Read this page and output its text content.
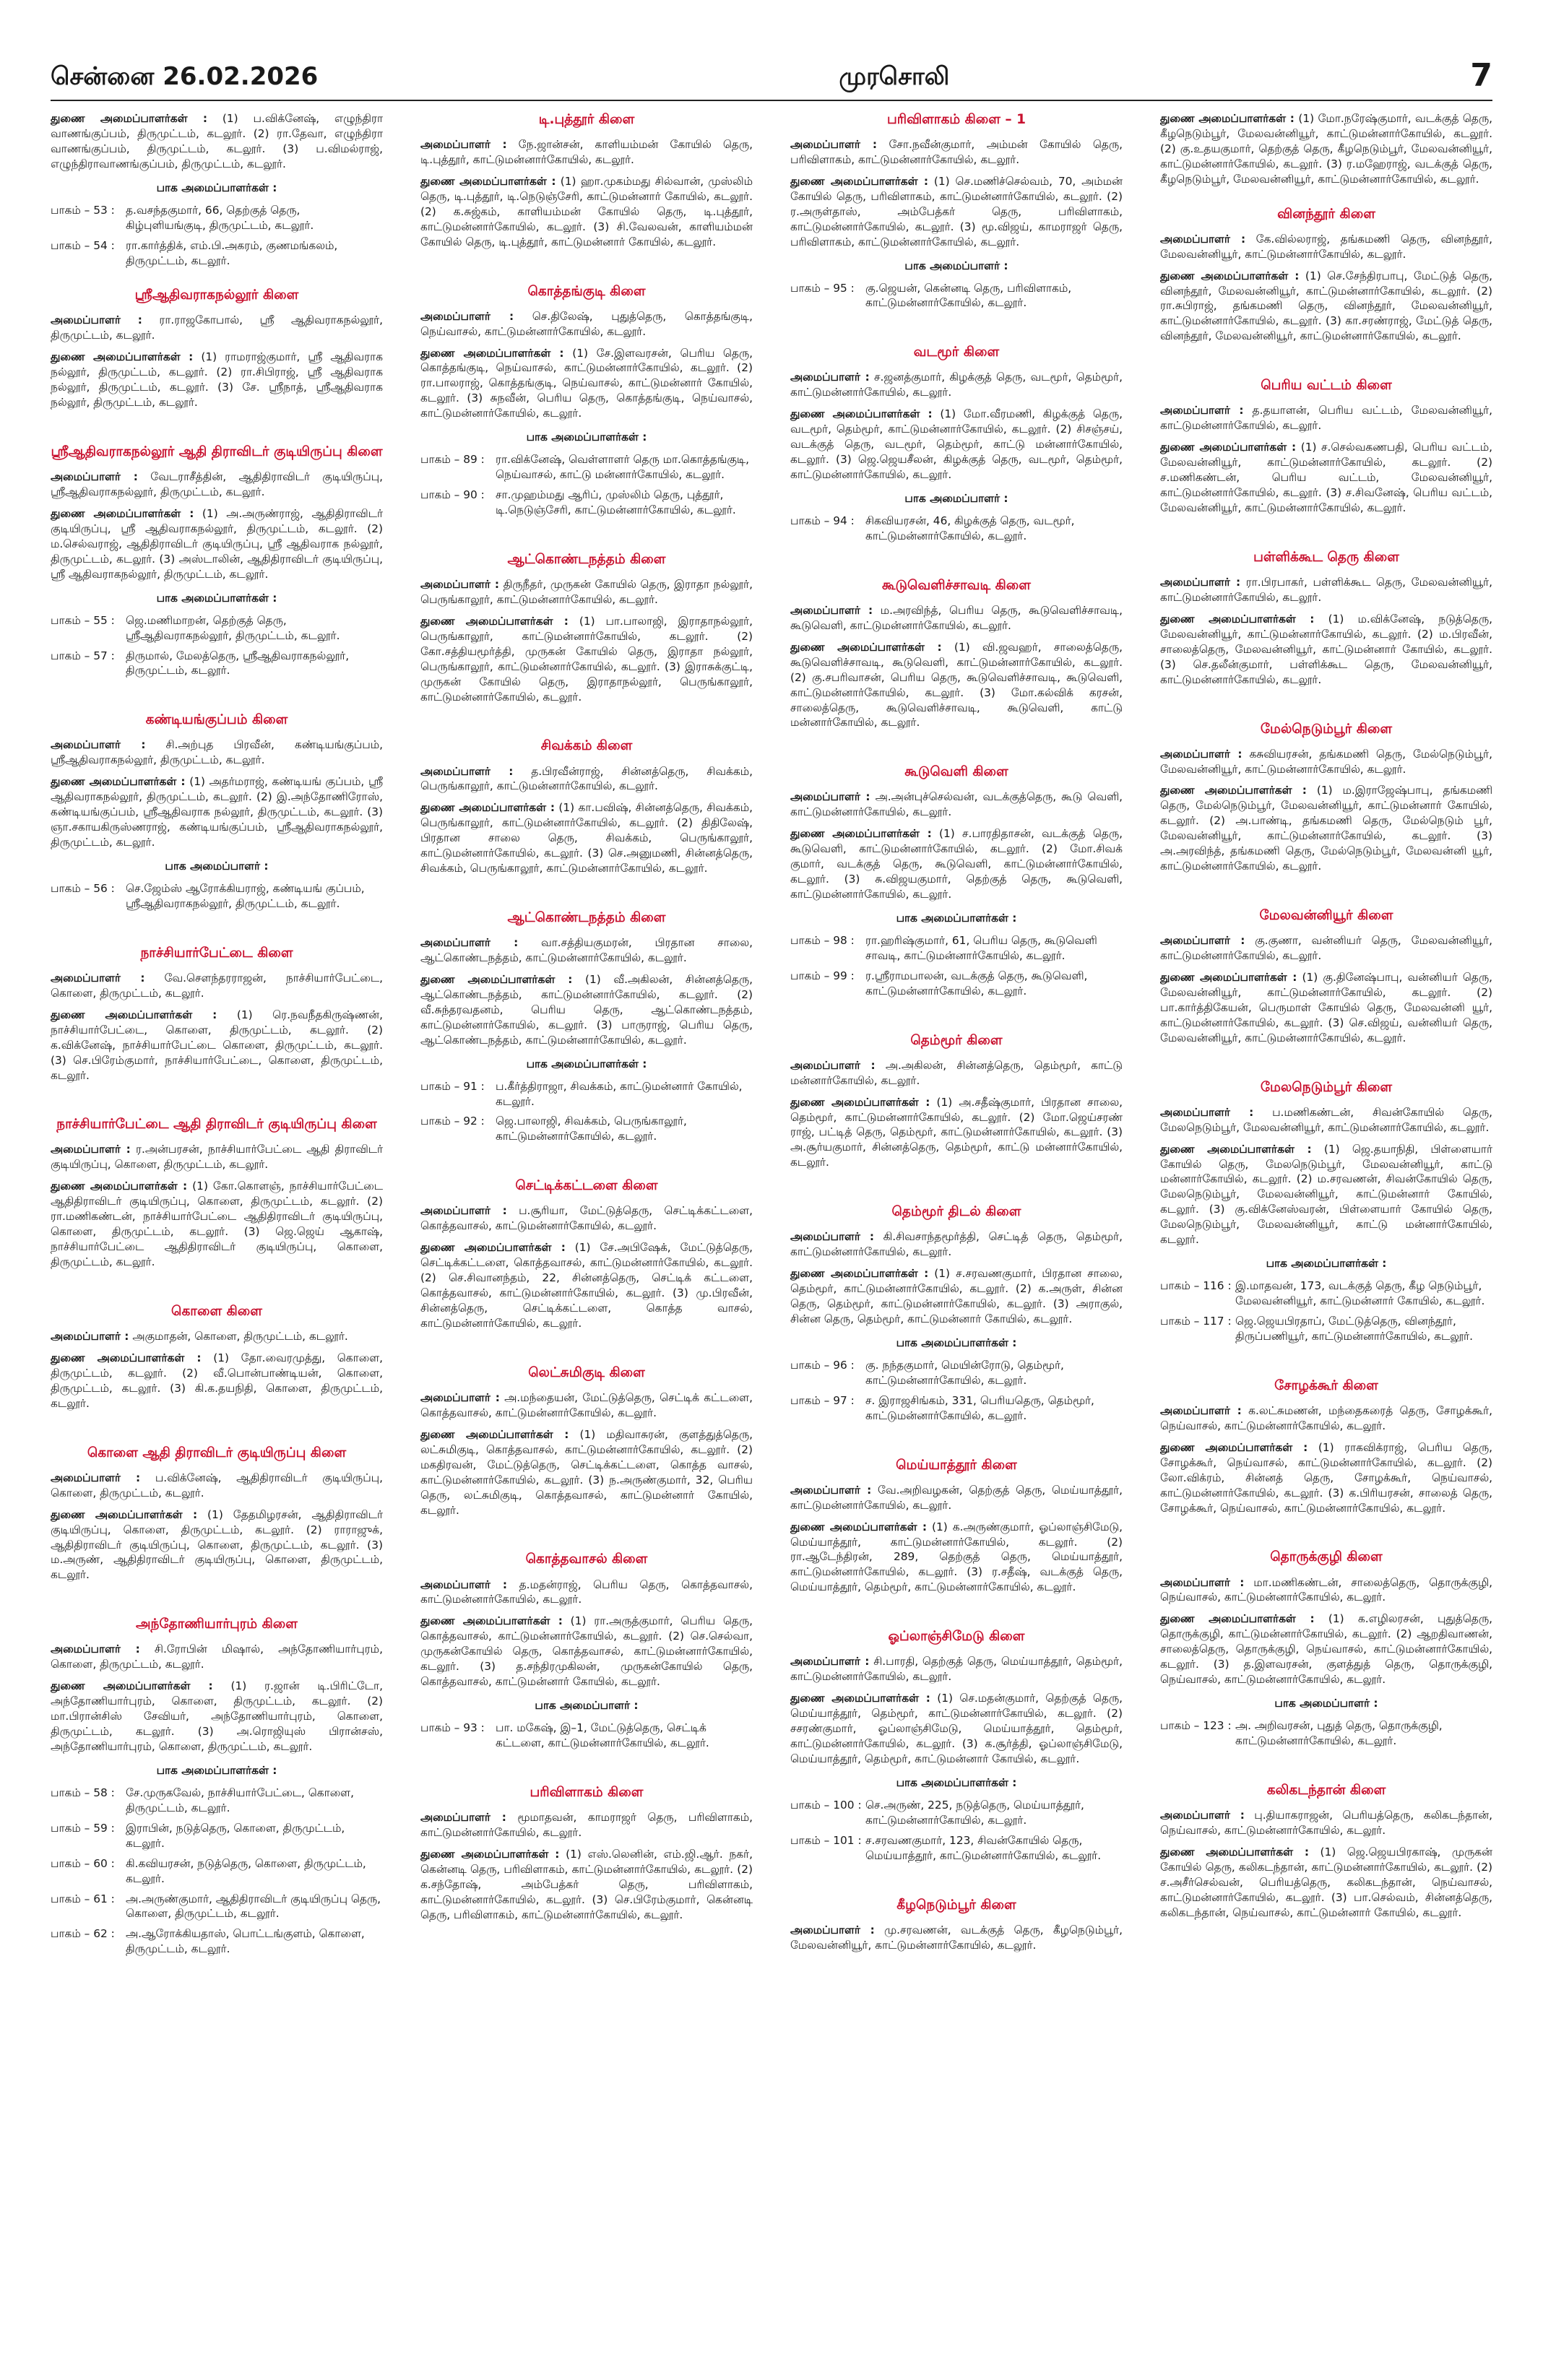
சென்னை 26.02.2026	முரசொலி	7

துணை அமைப்பாளர்கள் : (1) ப.விக்னேஷ், எழுந்திரா வாணங்குப்பம், திருமுட்டம், கடலூர். (2) ரா.தேவா, எழுந்திரா வாணங்குப்பம், திருமுட்டம், கடலூர். (3) ப.விமல்ராஜ், எழுந்திராவாணங்குப்பம், திருமுட்டம், கடலூர்.

பாக அமைப்பாளர்கள் :
பாகம் – 53 : த.வசந்தகுமார், 66, தெற்குத் தெரு, கிழ்புளியங்குடி, திருமுட்டம், கடலூர்.
பாகம் – 54 : ரா.கார்த்திக், எம்.பி.அகரம், குணமங்கலம், திருமுட்டம், கடலூர்.
ஸ்ரீஆதிவராகநல்லூர் கிளை

அமைப்பாளர் : ரா.ராஜகோபால், ஸ்ரீ ஆதிவராகநல்லூர், திருமுட்டம், கடலூர்.

துணை அமைப்பாளர்கள் : (1) ராமராஜ்குமார், ஸ்ரீ ஆதிவராக நல்லூர், திருமுட்டம், கடலூர். (2) ரா.சிபிராஜ், ஸ்ரீ ஆதிவராக நல்லூர், திருமுட்டம், கடலூர். (3) சே. ஸ்ரீநாத், ஸ்ரீஆதிவராக நல்லூர், திருமுட்டம், கடலூர்.

ஸ்ரீஆதிவராகநல்லூர் ஆதி திராவிடர் குடியிருப்பு கிளை

அமைப்பாளர் : வேடராசீத்தின், ஆதிதிராவிடர் குடியிருப்பு, ஸ்ரீஆதிவராகநல்லூர், திருமுட்டம், கடலூர்.

துணை அமைப்பாளர்கள் : (1) அ.அருண்ராஜ், ஆதிதிராவிடர் குடியிருப்பு, ஸ்ரீ ஆதிவராகநல்லூர், திருமுட்டம், கடலூர். (2) ம.செல்வராஜ், ஆதிதிராவிடர் குடியிருப்பு, ஸ்ரீ ஆதிவராக நல்லூர், திருமுட்டம், கடலூர். (3) அஸ்டாலின், ஆதிதிராவிடர் குடியிருப்பு, ஸ்ரீ ஆதிவராகநல்லூர், திருமுட்டம், கடலூர்.

பாக அமைப்பாளர்கள் :
பாகம் – 55 : ஜெ.மணிமாறன், தெற்குத் தெரு, ஸ்ரீஆதிவராகநல்லூர், திருமுட்டம், கடலூர்.
பாகம் – 57 : திருமால், மேலத்தெரு, ஸ்ரீஆதிவராகநல்லூர், திருமுட்டம், கடலூர்.
கண்டியங்குப்பம் கிளை

அமைப்பாளர் : சி.அற்புத பிரவீன், கண்டியங்குப்பம், ஸ்ரீஆதிவராகநல்லூர், திருமுட்டம், கடலூர்.

துணை அமைப்பாளர்கள் : (1) அதர்மராஜ், கண்டியங் குப்பம், ஸ்ரீ ஆதிவராகநல்லூர், திருமுட்டம், கடலூர். (2) இ.அந்தோணிரோஸ், கண்டியங்குப்பம், ஸ்ரீஆதிவராக நல்லூர், திருமுட்டம், கடலூர். (3) ஞா.சகாயகிருஸ்ணராஜ், கண்டியங்குப்பம், ஸ்ரீஆதிவராகநல்லூர், திருமுட்டம், கடலூர்.

பாக அமைப்பாளர் :
பாகம் – 56 : செ.ஜேம்ஸ் ஆரோக்கியராஜ், கண்டியங் குப்பம், ஸ்ரீஆதிவராகநல்லூர், திருமுட்டம், கடலூர்.
நாச்சியார்பேட்டை கிளை

அமைப்பாளர் : வே.செளந்தரராஜன், நாச்சியார்பேட்டை, கொளை, திருமுட்டம், கடலூர்.

துணை அமைப்பாளர்கள் : (1) ரெ.நவநீதகிருஷ்ணன், நாச்சியார்பேட்டை, கொளை, திருமுட்டம், கடலூர். (2) க.விக்னேஷ், நாச்சியார்பேட்டை கொளை, திருமுட்டம், கடலூர். (3) செ.பிரேம்குமார், நாச்சியார்பேட்டை, கொளை, திருமுட்டம், கடலூர்.

நாச்சியார்பேட்டை ஆதி திராவிடர் குடியிருப்பு கிளை

அமைப்பாளர் : ர.அன்பரசன், நாச்சியார்பேட்டை ஆதி திராவிடர் குடியிருப்பு, கொளை, திருமுட்டம், கடலூர்.

துணை அமைப்பாளர்கள் : (1) கோ.கொளஞ், நாச்சியார்பேட்டை ஆதிதிராவிடர் குடியிருப்பு, கொளை, திருமுட்டம், கடலூர். (2) ரா.மணிகண்டன், நாச்சியார்பேட்டை ஆதிதிராவிடர் குடியிருப்பு, கொளை, திருமுட்டம், கடலூர். (3) ஜெ.ஜெய் ஆகாஷ், நாச்சியார்பேட்டை ஆதிதிராவிடர் குடியிருப்பு, கொளை, திருமுட்டம், கடலூர்.

கொளை கிளை

அமைப்பாளர் : அகுமாதன், கொளை, திருமுட்டம், கடலூர்.

துணை அமைப்பாளர்கள் : (1) தோ.வைரமுத்து, கொளை, திருமுட்டம், கடலூர். (2) வீ.பொன்பாண்டியன், கொளை, திருமுட்டம், கடலூர். (3) கி.க.தயநிதி, கொளை, திருமுட்டம், கடலூர்.

கொளை ஆதி திராவிடர் குடியிருப்பு கிளை

அமைப்பாளர் : ப.விக்னேஷ், ஆதிதிராவிடர் குடியிருப்பு, கொளை, திருமுட்டம், கடலூர்.

துணை அமைப்பாளர்கள் : (1) தேதமிழரசன், ஆதிதிராவிடர் குடியிருப்பு, கொளை, திருமுட்டம், கடலூர். (2) ராராஜுக், ஆதிதிராவிடர் குடியிருப்பு, கொளை, திருமுட்டம், கடலூர். (3) ம.அருண், ஆதிதிராவிடர் குடியிருப்பு, கொளை, திருமுட்டம், கடலூர்.

அந்தோணியார்புரம் கிளை

அமைப்பாளர் : சி.ரோபின் மிஷால், அந்தோணியார்புரம், கொளை, திருமுட்டம், கடலூர்.

துணை அமைப்பாளர்கள் : (1) ர.ஜான் டி.பிரிட்டோ, அந்தோணியார்புரம், கொளை, திருமுட்டம், கடலூர். (2) மா.பிரான்சிஸ் சேவியர், அந்தோணியார்புரம், கொளை, திருமுட்டம், கடலூர். (3) அ.ரொஜியுஸ் பிரான்சஸ், அந்தோணியார்புரம், கொளை, திருமுட்டம், கடலூர்.

பாக அமைப்பாளர்கள் :
பாகம் – 58 : சே.முருகவேல், நாச்சியார்பேட்டை, கொளை, திருமுட்டம், கடலூர்.
பாகம் – 59 : இராபின், நடுத்தெரு, கொளை, திருமுட்டம், கடலூர்.
பாகம் – 60 : கி.கவியரசன், நடுத்தெரு, கொளை, திருமுட்டம், கடலூர்.
பாகம் – 61 : அ.அருண்குமார், ஆதிதிராவிடர் குடியிருப்பு தெரு, கொளை, திருமுட்டம், கடலூர்.
பாகம் – 62 : அ.ஆரோக்கியதாஸ், பொட்டங்குளம், கொளை, திருமுட்டம், கடலூர்.
டி.புத்தூர் கிளை

அமைப்பாளர் : நே.ஜான்சன், காளியம்மன் கோயில் தெரு, டி.புத்தூர், காட்டுமன்னார்கோயில், கடலூர்.

துணை அமைப்பாளர்கள் : (1) ஹா.முகம்மது சில்வான், முஸ்லிம் தெரு, டி.புத்தூர், டி.நெடுஞ்சேரி, காட்டுமன்னார் கோயில், கடலூர். (2) க.சுஜ்கம், காளியம்மன் கோயில் தெரு, டி.புத்தூர், காட்டுமன்னார்கோயில், கடலூர். (3) சி.வேலவன், காளியம்மன் கோயில் தெரு, டி.புத்தூர், காட்டுமன்னார் கோயில், கடலூர்.

கொத்தங்குடி கிளை

அமைப்பாளர் : செ.திலேஷ், புதுத்தெரு, கொத்தங்குடி, நெய்வாசல், காட்டுமன்னார்கோயில், கடலூர்.

துணை அமைப்பாளர்கள் : (1) சே.இளவரசன், பெரிய தெரு, கொத்தங்குடி, நெய்வாசல், காட்டுமன்னார்கோயில், கடலூர். (2) ரா.பாலராஜ், கொத்தங்குடி, நெய்வாசல், காட்டுமன்னார் கோயில், கடலூர். (3) சுநவீன், பெரிய தெரு, கொத்தங்குடி, நெய்வாசல், காட்டுமன்னார்கோயில், கடலூர்.

பாக அமைப்பாளர்கள் :
பாகம் – 89 : ரா.விக்னேஷ், வெள்ளாளர் தெரு மா.கொத்தங்குடி, நெய்வாசல், காட்டு மன்னார்கோயில், கடலூர்.
பாகம் – 90 : சா.முஹம்மது ஆரிப், முஸ்லிம் தெரு, புத்தூர், டி.நெடுஞ்சேரி, காட்டுமன்னார்கோயில், கடலூர்.
ஆட்கொண்டநத்தம் கிளை

அமைப்பாளர் : திருநீதர், முருகன் கோயில் தெரு, இராதா நல்லூர், பெருங்காலூர், காட்டுமன்னார்கோயில், கடலூர்.

துணை அமைப்பாளர்கள் : (1) பா.பாலாஜி, இராதாநல்லூர், பெருங்காலூர், காட்டுமன்னார்கோயில், கடலூர். (2) கோ.சத்தியமூர்த்தி, முருகன் கோயில் தெரு, இராதா நல்லூர், பெருங்காலூர், காட்டுமன்னார்கோயில், கடலூர். (3) இராசுக்குட்டி, முருகன் கோயில் தெரு, இராதாநல்லூர், பெருங்காலூர், காட்டுமன்னார்கோயில், கடலூர்.

சிவக்கம் கிளை

அமைப்பாளர் : த.பிரவீன்ராஜ், சின்னத்தெரு, சிவக்கம், பெருங்காலூர், காட்டுமன்னார்கோயில், கடலூர்.

துணை அமைப்பாளர்கள் : (1) கா.பவிஷ், சின்னத்தெரு, சிவக்கம், பெருங்காலூர், காட்டுமன்னார்கோயில், கடலூர். (2) திதிலேஷ், பிரதான சாலை தெரு, சிவக்கம், பெருங்காலூர், காட்டுமன்னார்கோயில், கடலூர். (3) செ.அனுமணி, சின்னத்தெரு, சிவக்கம், பெருங்காலூர், காட்டுமன்னார்கோயில், கடலூர்.

ஆட்கொண்டநத்தம் கிளை

அமைப்பாளர் : வா.சத்தியகுமரன், பிரதான சாலை, ஆட்கொண்டநத்தம், காட்டுமன்னார்கோயில், கடலூர்.

துணை அமைப்பாளர்கள் : (1) வீ.அகிலன், சின்னத்தெரு, ஆட்கொண்டநத்தம், காட்டுமன்னார்கோயில், கடலூர். (2) வீ.சுந்தரவதனம், பெரிய தெரு, ஆட்கொண்டநத்தம், காட்டுமன்னார்கோயில், கடலூர். (3) பாருராஜ், பெரிய தெரு, ஆட்கொண்டநத்தம், காட்டுமன்னார்கோயில், கடலூர்.

பாக அமைப்பாளர்கள் :
பாகம் – 91 : ப.கீர்த்திராஜா, சிவக்கம், காட்டுமன்னார் கோயில், கடலூர்.
பாகம் – 92 : ஜெ.பாலாஜி, சிவக்கம், பெருங்காலூர், காட்டுமன்னார்கோயில், கடலூர்.
செட்டிக்கட்டளை கிளை

அமைப்பாளர் : ப.சூரியா, மேட்டுத்தெரு, செட்டிக்கட்டளை, கொத்தவாசல், காட்டுமன்னார்கோயில், கடலூர்.

துணை அமைப்பாளர்கள் : (1) சே.அபிஷேக், மேட்டுத்தெரு, செட்டிக்கட்டளை, கொத்தவாசல், காட்டுமன்னார்கோயில், கடலூர். (2) செ.சிவானந்தம், 22, சின்னத்தெரு, செட்டிக் கட்டளை, கொத்தவாசல், காட்டுமன்னார்கோயில், கடலூர். (3) மு.பிரவீன், சின்னத்தெரு, செட்டிக்கட்டளை, கொத்த வாசல், காட்டுமன்னார்கோயில், கடலூர்.

லெட்சுமிகுடி கிளை

அமைப்பாளர் : அ.மந்தையன், மேட்டுத்தெரு, செட்டிக் கட்டளை, கொத்தவாசல், காட்டுமன்னார்கோயில், கடலூர்.

துணை அமைப்பாளர்கள் : (1) மதிவாசுரன், குளத்துத்தெரு, லட்சுமிகுடி, கொத்தவாசல், காட்டுமன்னார்கோயில், கடலூர். (2) மகதிரவன், மேட்டுத்தெரு, செட்டிக்கட்டளை, கொத்த வாசல், காட்டுமன்னார்கோயில், கடலூர். (3) ந.அருண்குமார், 32, பெரிய தெரு, லட்சுமிகுடி, கொத்தவாசல், காட்டுமன்னார் கோயில், கடலூர்.

கொத்தவாசல் கிளை

அமைப்பாளர் : த.மதன்ராஜ், பெரிய தெரு, கொத்தவாசல், காட்டுமன்னார்கோயில், கடலூர்.

துணை அமைப்பாளர்கள் : (1) ரா.அருத்குமார், பெரிய தெரு, கொத்தவாசல், காட்டுமன்னார்கோயில், கடலூர். (2) செ.செல்வா, முருகன்கோயில் தெரு, கொத்தவாசல், காட்டுமன்னார்கோயில், கடலூர். (3) த.சந்திரமுகிலன், முருகன்கோயில் தெரு, கொத்தவாசல், காட்டுமன்னார் கோயில், கடலூர்.

பாக அமைப்பாளர் :
பாகம் – 93 : பா. மகேஷ், இ–1, மேட்டுத்தெரு, செட்டிக் கட்டளை, காட்டுமன்னார்கோயில், கடலூர்.
பரிவிளாகம் கிளை

அமைப்பாளர் : மூமாதவன், காமராஜர் தெரு, பரிவிளாகம், காட்டுமன்னார்கோயில், கடலூர்.

துணை அமைப்பாளர்கள் : (1) எஸ்.லெனின், எம்.ஜி.ஆர். நகர், கென்னடி தெரு, பரிவிளாகம், காட்டுமன்னார்கோயில், கடலூர். (2) க.சந்தோஷ், அம்பேத்கர் தெரு, பரிவிளாகம், காட்டுமன்னார்கோயில், கடலூர். (3) செ.பிரேம்குமார், கென்னடி தெரு, பரிவிளாகம், காட்டுமன்னார்கோயில், கடலூர்.

பரிவிளாகம் கிளை – 1

அமைப்பாளர் : சோ.நவீன்குமார், அம்மன் கோயில் தெரு, பரிவிளாகம், காட்டுமன்னார்கோயில், கடலூர்.

துணை அமைப்பாளர்கள் : (1) செ.மணிச்செல்வம், 70, அம்மன் கோயில் தெரு, பரிவிளாகம், காட்டுமன்னார்கோயில், கடலூர். (2) ர.அருள்தாஸ், அம்பேத்கர் தெரு, பரிவிளாகம், காட்டுமன்னார்கோயில், கடலூர். (3) மூ.விஜய், காமராஜர் தெரு, பரிவிளாகம், காட்டுமன்னார்கோயில், கடலூர்.

பாக அமைப்பாளர் :
பாகம் – 95 : கு.ஜெயன், கென்னடி தெரு, பரிவிளாகம், காட்டுமன்னார்கோயில், கடலூர்.
வடமூர் கிளை

அமைப்பாளர் : ச.ஜனத்குமார், கிழக்குத் தெரு, வடமூர், தெம்மூர், காட்டுமன்னார்கோயில், கடலூர்.

துணை அமைப்பாளர்கள் : (1) மோ.வீரமணி, கிழக்குத் தெரு, வடமூர், தெம்மூர், காட்டுமன்னார்கோயில், கடலூர். (2) சிசஞ்சய், வடக்குத் தெரு, வடமூர், தெம்மூர், காட்டு மன்னார்கோயில், கடலூர். (3) ஜெ.ஜெயசீலன், கிழக்குத் தெரு, வடமூர், தெம்மூர், காட்டுமன்னார்கோயில், கடலூர்.

பாக அமைப்பாளர் :
பாகம் – 94 : சிகவியரசன், 46, கிழக்குத் தெரு, வடமூர், காட்டுமன்னார்கோயில், கடலூர்.
கூடுவெளிச்சாவடி கிளை

அமைப்பாளர் : ம.அரவிந்த், பெரிய தெரு, கூடுவெளிச்சாவடி, கூடுவெளி, காட்டுமன்னார்கோயில், கடலூர்.

துணை அமைப்பாளர்கள் : (1) வி.ஜவஹர், சாலைத்தெரு, கூடுவெளிச்சாவடி, கூடுவெளி, காட்டுமன்னார்கோயில், கடலூர். (2) கு.சபரிவாசன், பெரிய தெரு, கூடுவெளிச்சாவடி, கூடுவெளி, காட்டுமன்னார்கோயில், கடலூர். (3) மோ.கல்விக் கரசன், சாலைத்தெரு, கூடுவெளிச்சாவடி, கூடுவெளி, காட்டு மன்னார்கோயில், கடலூர்.

கூடுவெளி கிளை

அமைப்பாளர் : அ.அன்புச்செல்வன், வடக்குத்தெரு, கூடு வெளி, காட்டுமன்னார்கோயில், கடலூர்.

துணை அமைப்பாளர்கள் : (1) ச.பாரதிதாசன், வடக்குத் தெரு, கூடுவெளி, காட்டுமன்னார்கோயில், கடலூர். (2) மோ.சிவக் குமார், வடக்குத் தெரு, கூடுவெளி, காட்டுமன்னார்கோயில், கடலூர். (3) சு.விஜயகுமார், தெற்குத் தெரு, கூடுவெளி, காட்டுமன்னார்கோயில், கடலூர்.

பாக அமைப்பாளர்கள் :
பாகம் – 98 : ரா.ஹரிஷ்குமார், 61, பெரிய தெரு, கூடுவெளி சாவடி, காட்டுமன்னார்கோயில், கடலூர்.
பாகம் – 99 : ர.ஸ்ரீராமபாலன், வடக்குத் தெரு, கூடுவெளி, காட்டுமன்னார்கோயில், கடலூர்.
தெம்மூர் கிளை

அமைப்பாளர் : அ.அகிலன், சின்னத்தெரு, தெம்மூர், காட்டு மன்னார்கோயில், கடலூர்.

துணை அமைப்பாளர்கள் : (1) அ.சதீஷ்குமார், பிரதான சாலை, தெம்மூர், காட்டுமன்னார்கோயில், கடலூர். (2) மோ.ஜெய்சரண் ராஜ், பட்டித் தெரு, தெம்மூர், காட்டுமன்னார்கோயில், கடலூர். (3) அ.சூர்யகுமார், சின்னத்தெரு, தெம்மூர், காட்டு மன்னார்கோயில், கடலூர்.

தெம்மூர் திடல் கிளை

அமைப்பாளர் : கி.சிவசாந்தமூர்த்தி, செட்டித் தெரு, தெம்மூர், காட்டுமன்னார்கோயில், கடலூர்.

துணை அமைப்பாளர்கள் : (1) ச.சரவணகுமார், பிரதான சாலை, தெம்மூர், காட்டுமன்னார்கோயில், கடலூர். (2) க.அருள், சின்ன தெரு, தெம்மூர், காட்டுமன்னார்கோயில், கடலூர். (3) அராகுல், சின்ன தெரு, தெம்மூர், காட்டுமன்னார் கோயில், கடலூர்.

பாக அமைப்பாளர்கள் :
பாகம் – 96 : கு. நந்தகுமார், மெயின்ரோடு, தெம்மூர், காட்டுமன்னார்கோயில், கடலூர்.
பாகம் – 97 : ச. இராஜசிங்கம், 331, பெரியதெரு, தெம்மூர், காட்டுமன்னார்கோயில், கடலூர்.
மெய்யாத்தூர் கிளை

அமைப்பாளர் : வே.அறிவழகன், தெற்குத் தெரு, மெய்யாத்தூர், காட்டுமன்னார்கோயில், கடலூர்.

துணை அமைப்பாளர்கள் : (1) க.அருண்குமார், ஓப்லாஞ்சிமேடு, மெய்யாத்தூர், காட்டுமன்னார்கோயில், கடலூர். (2) ரா.ஆடேந்திரன், 289, தெற்குத் தெரு, மெய்யாத்தூர், காட்டுமன்னார்கோயில், கடலூர். (3) ர.சதீஷ், வடக்குத் தெரு, மெய்யாத்தூர், தெம்மூர், காட்டுமன்னார்கோயில், கடலூர்.

ஓப்லாஞ்சிமேடு கிளை

அமைப்பாளர் : சி.பாரதி, தெற்குத் தெரு, மெய்யாத்தூர், தெம்மூர், காட்டுமன்னார்கோயில், கடலூர்.

துணை அமைப்பாளர்கள் : (1) செ.மதன்குமார், தெற்குத் தெரு, மெய்யாத்தூர், தெம்மூர், காட்டுமன்னார்கோயில், கடலூர். (2) சசரண்குமார், ஓப்லாஞ்சிமேடு, மெய்யாத்தூர், தெம்மூர், காட்டுமன்னார்கோயில், கடலூர். (3) க.சூர்த்தி, ஓப்லாஞ்சிமேடு, மெய்யாத்தூர், தெம்மூர், காட்டுமன்னார் கோயில், கடலூர்.

பாக அமைப்பாளர்கள் :
பாகம் – 100 : செ.அருண், 225, நடுத்தெரு, மெய்யாத்தூர், காட்டுமன்னார்கோயில், கடலூர்.
பாகம் – 101 : ச.சரவணகுமார், 123, சிவன்கோயில் தெரு, மெய்யாத்தூர், காட்டுமன்னார்கோயில், கடலூர்.
கீழநெடும்பூர் கிளை

அமைப்பாளர் : மு.சரவணன், வடக்குத் தெரு, கீழநெடும்பூர், மேலவன்னியூர், காட்டுமன்னார்கோயில், கடலூர்.

துணை அமைப்பாளர்கள் : (1) மோ.நரேஷ்குமார், வடக்குத் தெரு, கீழநெடும்பூர், மேலவன்னியூர், காட்டுமன்னார்கோயில், கடலூர். (2) கு.உதயகுமார், தெற்குத் தெரு, கீழநெடும்பூர், மேலவன்னியூர், காட்டுமன்னார்கோயில், கடலூர். (3) ர.மஹேராஜ், வடக்குத் தெரு, கீழநெடும்பூர், மேலவன்னியூர், காட்டுமன்னார்கோயில், கடலூர்.

வினந்தூர் கிளை

அமைப்பாளர் : கே.வில்லராஜ், தங்கமணி தெரு, வினந்தூர், மேலவன்னியூர், காட்டுமன்னார்கோயில், கடலூர்.

துணை அமைப்பாளர்கள் : (1) செ.சேந்திரபாபு, மேட்டுத் தெரு, வினந்தூர், மேலவன்னியூர், காட்டுமன்னார்கோயில், கடலூர். (2) ரா.சுபிராஜ், தங்கமணி தெரு, வினந்தூர், மேலவன்னியூர், காட்டுமன்னார்கோயில், கடலூர். (3) கா.சரண்ராஜ், மேட்டுத் தெரு, வினந்தூர், மேலவன்னியூர், காட்டுமன்னார்கோயில், கடலூர்.

பெரிய வட்டம் கிளை

அமைப்பாளர் : த.தயாளன், பெரிய வட்டம், மேலவன்னியூர், காட்டுமன்னார்கோயில், கடலூர்.

துணை அமைப்பாளர்கள் : (1) ச.செல்வகணபதி, பெரிய வட்டம், மேலவன்னியூர், காட்டுமன்னார்கோயில், கடலூர். (2) ச.மணிகண்டன், பெரிய வட்டம், மேலவன்னியூர், காட்டுமன்னார்கோயில், கடலூர். (3) ச.சிவனேஷ், பெரிய வட்டம், மேலவன்னியூர், காட்டுமன்னார்கோயில், கடலூர்.

பள்ளிக்கூட தெரு கிளை

அமைப்பாளர் : ரா.பிரபாகர், பள்ளிக்கூட தெரு, மேலவன்னியூர், காட்டுமன்னார்கோயில், கடலூர்.

துணை அமைப்பாளர்கள் : (1) ம.விக்னேஷ், நடுத்தெரு, மேலவன்னியூர், காட்டுமன்னார்கோயில், கடலூர். (2) ம.பிரவீன், சாலைத்தெரு, மேலவன்னியூர், காட்டுமன்னார் கோயில், கடலூர். (3) செ.தலீன்குமார், பள்ளிக்கூட தெரு, மேலவன்னியூர், காட்டுமன்னார்கோயில், கடலூர்.

மேல்நெடும்பூர் கிளை

அமைப்பாளர் : கசுவியரசன், தங்கமணி தெரு, மேல்நெடும்பூர், மேலவன்னியூர், காட்டுமன்னார்கோயில், கடலூர்.

துணை அமைப்பாளர்கள் : (1) ம.இராஜேஷ்பாபு, தங்கமணி தெரு, மேல்நெடும்பூர், மேலவன்னியூர், காட்டுமன்னார் கோயில், கடலூர். (2) அ.பாண்டி, தங்கமணி தெரு, மேல்நெடும் பூர், மேலவன்னியூர், காட்டுமன்னார்கோயில், கடலூர். (3) அ.அரவிந்த், தங்கமணி தெரு, மேல்நெடும்பூர், மேலவன்னி யூர், காட்டுமன்னார்கோயில், கடலூர்.

மேலவன்னியூர் கிளை

அமைப்பாளர் : கு.குணா, வன்னியர் தெரு, மேலவன்னியூர், காட்டுமன்னார்கோயில், கடலூர்.

துணை அமைப்பாளர்கள் : (1) கு.தினேஷ்பாபு, வன்னியர் தெரு, மேலவன்னியூர், காட்டுமன்னார்கோயில், கடலூர். (2) பா.கார்த்திகேயன், பெருமாள் கோயில் தெரு, மேலவன்னி யூர், காட்டுமன்னார்கோயில், கடலூர். (3) செ.விஜய், வன்னியர் தெரு, மேலவன்னியூர், காட்டுமன்னார்கோயில், கடலூர்.

மேலநெடும்பூர் கிளை

அமைப்பாளர் : ப.மணிகண்டன், சிவன்கோயில் தெரு, மேலநெடும்பூர், மேலவன்னியூர், காட்டுமன்னார்கோயில், கடலூர்.

துணை அமைப்பாளர்கள் : (1) ஜெ.தயாநிதி, பிள்ளையார் கோயில் தெரு, மேலநெடும்பூர், மேலவன்னியூர், காட்டு மன்னார்கோயில், கடலூர். (2) ம.சரவணன், சிவன்கோயில் தெரு, மேலநெடும்பூர், மேலவன்னியூர், காட்டுமன்னார் கோயில், கடலூர். (3) கு.விக்னேஸ்வரன், பிள்ளையார் கோயில் தெரு, மேலநெடும்பூர், மேலவன்னியூர், காட்டு மன்னார்கோயில், கடலூர்.

பாக அமைப்பாளர்கள் :
பாகம் – 116 : இ.மாதவன், 173, வடக்குத் தெரு, கீழ நெடும்பூர், மேலவன்னியூர், காட்டுமன்னார் கோயில், கடலூர்.
பாகம் – 117 : ஜெ.ஜெயபிரதாப், மேட்டுத்தெரு, வினந்தூர், திருப்பணியூர், காட்டுமன்னார்கோயில், கடலூர்.
சோழக்கூர் கிளை

அமைப்பாளர் : க.லட்சுமணன், மந்தைகரைத் தெரு, சோழக்கூர், நெய்வாசல், காட்டுமன்னார்கோயில், கடலூர்.

துணை அமைப்பாளர்கள் : (1) ராகவிக்ராஜ், பெரிய தெரு, சோழக்கூர், நெய்வாசல், காட்டுமன்னார்கோயில், கடலூர். (2) லோ.விக்ரம், சின்னத் தெரு, சோழக்கூர், நெய்வாசல், காட்டுமன்னார்கோயில், கடலூர். (3) க.பிரியரசன், சாலைத் தெரு, சோழக்கூர், நெய்வாசல், காட்டுமன்னார்கோயில், கடலூர்.

தொருக்குழி கிளை

அமைப்பாளர் : மா.மணிகண்டன், சாலைத்தெரு, தொருக்குழி, நெய்வாசல், காட்டுமன்னார்கோயில், கடலூர்.

துணை அமைப்பாளர்கள் : (1) க.எழிலரசன், புதுத்தெரு, தொருக்குழி, காட்டுமன்னார்கோயில், கடலூர். (2) ஆறதிவாணன், சாலைத்தெரு, தொருக்குழி, நெய்வாசல், காட்டுமன்னார்கோயில், கடலூர். (3) த.இளவரசன், குளத்துத் தெரு, தொருக்குழி, நெய்வாசல், காட்டுமன்னார்கோயில், கடலூர்.

பாக அமைப்பாளர் :
பாகம் – 123 : அ. அறிவரசன், புதுத் தெரு, தொருக்குழி, காட்டுமன்னார்கோயில், கடலூர்.
கலிகடந்தான் கிளை

அமைப்பாளர் : பு.தியாகராஜன், பெரியத்தெரு, கலிகடந்தான், நெய்வாசல், காட்டுமன்னார்கோயில், கடலூர்.

துணை அமைப்பாளர்கள் : (1) ஜெ.ஜெயபிரகாஷ், முருகன் கோயில் தெரு, கலிகடந்தான், காட்டுமன்னார்கோயில், கடலூர். (2) ச.அசீர்செல்வன், பெரியத்தெரு, கலிகடந்தான், நெய்வாசல், காட்டுமன்னார்கோயில், கடலூர். (3) பா.செல்வம், சின்னத்தெரு, கலிகடந்தான், நெய்வாசல், காட்டுமன்னார் கோயில், கடலூர்.
